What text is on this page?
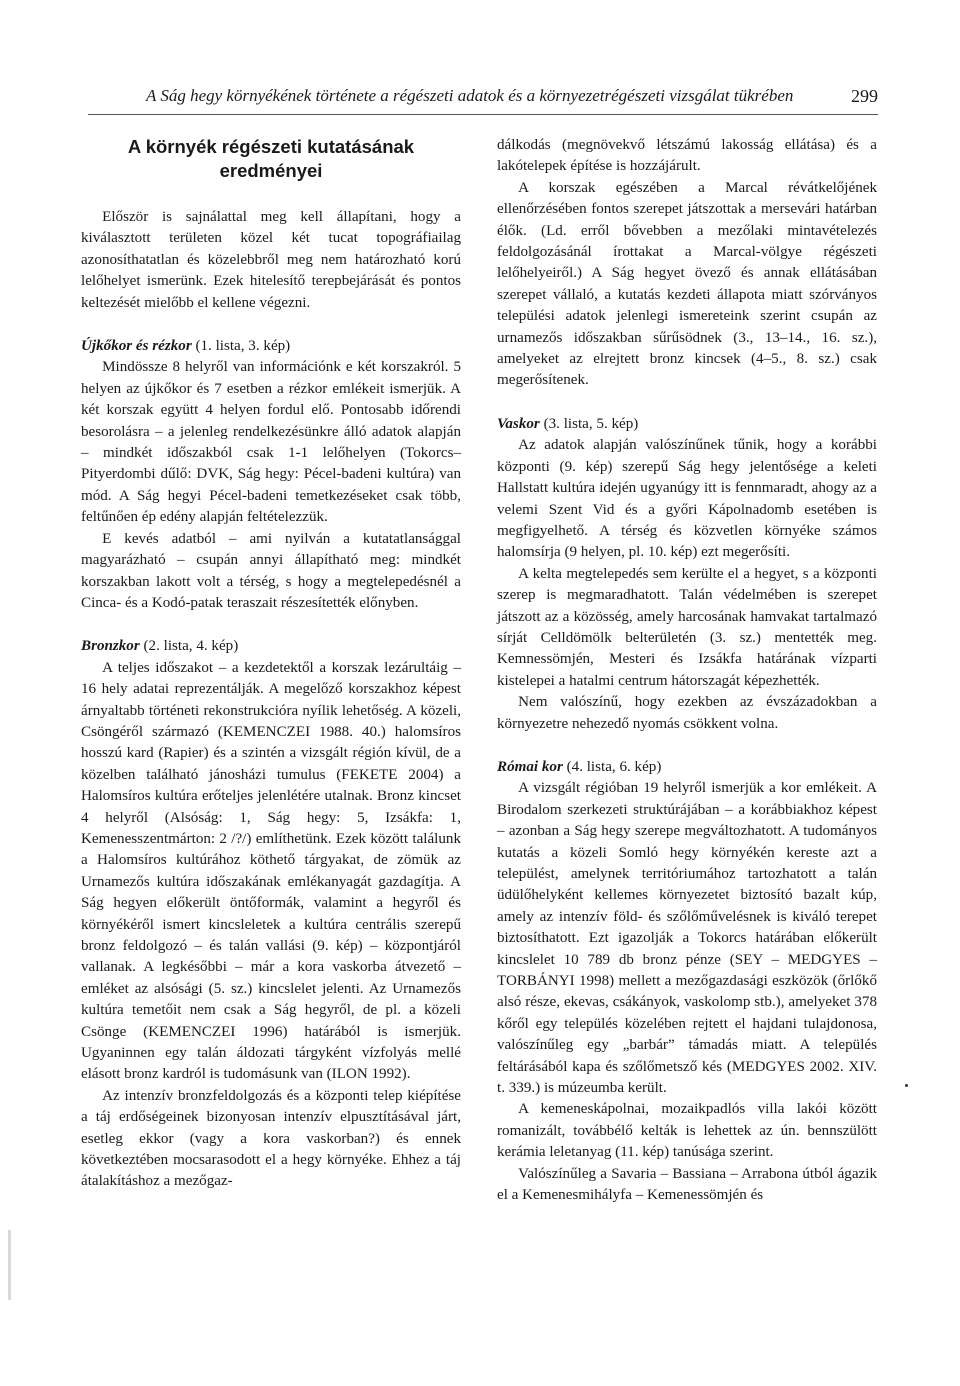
A Ság hegy környékének története a régészeti adatok és a környezetrégészeti vizsgálat tükrében	299
A környék régészeti kutatásának eredményei

Először is sajnálattal meg kell állapítani, hogy a kiválasztott területen közel két tucat topográfiailag azonosíthatatlan és közelebbről meg nem határozható korú lelőhelyet ismerünk. Ezek hitelesítő terepbejárását és pontos keltezését mielőbb el kellene végezni.

Újkőkor és rézkor (1. lista, 3. kép)

Mindössze 8 helyről van információnk e két korszakról. 5 helyen az újkőkor és 7 esetben a rézkor emlékeit ismerjük. A két korszak együtt 4 helyen fordul elő. Pontosabb időrendi besorolásra – a jelenleg rendelkezésünkre álló adatok alapján – mindkét időszakból csak 1-1 lelőhelyen (Tokorcs–Pityerdombi dűlő: DVK, Ság hegy: Pécel-badeni kultúra) van mód. A Ság hegyi Pécel-badeni temetkezéseket csak több, feltűnően ép edény alapján feltételezzük.

E kevés adatból – ami nyilván a kutatatlansággal magyarázható – csupán annyi állapítható meg: mindkét korszakban lakott volt a térség, s hogy a megtelepedésnél a Cinca- és a Kodó-patak teraszait részesítették előnyben.

Bronzkor (2. lista, 4. kép)

A teljes időszakot – a kezdetektől a korszak lezárultáig – 16 hely adatai reprezentálják. A megelőző korszakhoz képest árnyaltabb történeti rekonstrukcióra nyílik lehetőség. A közeli, Csöngéről származó (KEMENCZEI 1988. 40.) halomsíros hosszú kard (Rapier) és a szintén a vizsgált régión kívül, de a közelben található jánosházi tumulus (FEKETE 2004) a Halomsíros kultúra erőteljes jelenlétére utalnak. Bronz kincset 4 helyről (Alsóság: 1, Ság hegy: 5, Izsákfa: 1, Kemenesszentmárton: 2 /?/) említhetünk. Ezek között találunk a Halomsíros kultúrához köthető tárgyakat, de zömük az Urnamezős kultúra időszakának emlékanyagát gazdagítja. A Ság hegyen előkerült öntőformák, valamint a hegyről és környékéről ismert kincsleletek a kultúra centrális szerepű bronz feldolgozó – és talán vallási (9. kép) – központjáról vallanak. A legkésőbbi – már a kora vaskorba átvezető – emléket az alsósági (5. sz.) kincslelet jelenti. Az Urnamezős kultúra temetőit nem csak a Ság hegyről, de pl. a közeli Csönge (KEMENCZEI 1996) határából is ismerjük. Ugyaninnen egy talán áldozati tárgyként vízfolyás mellé elásott bronz kardról is tudomásunk van (ILON 1992).

Az intenzív bronzfeldolgozás és a központi telep kiépítése a táj erdőségeinek bizonyosan intenzív elpusztításával járt, esetleg ekkor (vagy a kora vaskorban?) és ennek következtében mocsarasodott el a hegy környéke. Ehhez a táj átalakításhoz a mezőgaz-

dálkodás (megnövekvő létszámú lakosság ellátása) és a lakótelepek építése is hozzájárult.

A korszak egészében a Marcal révátkelőjének ellenőrzésében fontos szerepet játszottak a mersevári határban élők. (Ld. erről bővebben a mezőlaki mintavételezés feldolgozásánál írottakat a Marcal-völgye régészeti lelőhelyeiről.) A Ság hegyet övező és annak ellátásában szerepet vállaló, a kutatás kezdeti állapota miatt szórványos települési adatok jelenlegi ismereteink szerint csupán az urnamezős időszakban sűrűsödnek (3., 13–14., 16. sz.), amelyeket az elrejtett bronz kincsek (4–5., 8. sz.) csak megerősítenek.

Vaskor (3. lista, 5. kép)

Az adatok alapján valószínűnek tűnik, hogy a korábbi központi (9. kép) szerepű Ság hegy jelentősége a keleti Hallstatt kultúra idején ugyanúgy itt is fennmaradt, ahogy az a velemi Szent Vid és a győri Kápolnadomb esetében is megfigyelhető. A térség és közvetlen környéke számos halomsírja (9 helyen, pl. 10. kép) ezt megerősíti.

A kelta megtelepedés sem kerülte el a hegyet, s a központi szerep is megmaradhatott. Talán védelmében is szerepet játszott az a közösség, amely harcosának hamvakat tartalmazó sírját Celldömölk belterületén (3. sz.) mentették meg. Kemnessömjén, Mesteri és Izsákfa határának vízparti kistelepei a hatalmi centrum hátorszagát képezhették.

Nem valószínű, hogy ezekben az évszázadokban a környezetre nehezedő nyomás csökkent volna.

Római kor (4. lista, 6. kép)

A vizsgált régióban 19 helyről ismerjük a kor emlékeit. A Birodalom szerkezeti struktúrájában – a korábbiakhoz képest – azonban a Ság hegy szerepe megváltozhatott. A tudományos kutatás a közeli Somló hegy környékén kereste azt a települést, amelynek territóriumához tartozhatott a talán üdülőhelyként kellemes környezetet biztosító bazalt kúp, amely az intenzív föld- és szőlőművelésnek is kiváló terepet biztosíthatott. Ezt igazolják a Tokorcs határában előkerült kincslelet 10 789 db bronz pénze (SEY – MEDGYES – TORBÁNYI 1998) mellett a mezőgazdasági eszközök (őrlőkő alsó része, ekevas, csákányok, vaskolomp stb.), amelyeket 378 kőről egy település közelében rejtett el hajdani tulajdonosa, valószínűleg egy „barbár” támadás miatt. A település feltárásából kapa és szőlőmetsző kés (MEDGYES 2002. XIV. t. 339.) is múzeumba került.

A kemeneskápolnai, mozaikpadlós villa lakói között romanizált, továbbélő kelták is lehettek az ún. bennszülött kerámia leletanyag (11. kép) tanúsága szerint.

Valószínűleg a Savaria – Bassiana – Arrabona útból ágazik el a Kemenesmihályfa – Kemenessömjén és
